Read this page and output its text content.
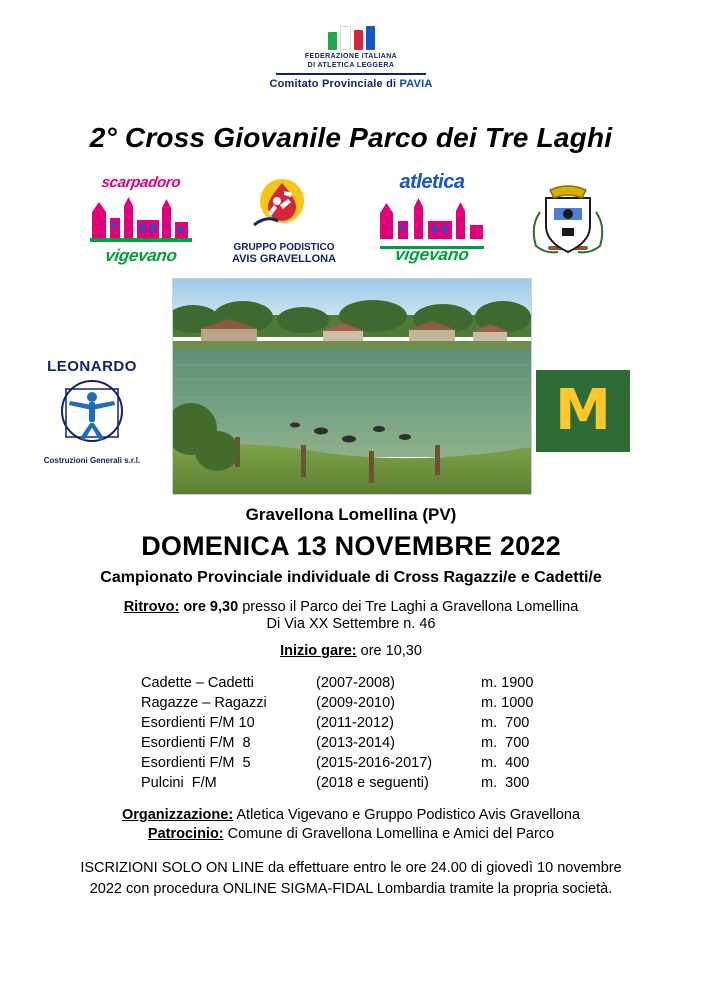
FEDERAZIONE ITALIANA
DI ATLETICA LEGGERA
Comitato Provinciale di PAVIA
2° Cross Giovanile Parco dei Tre Laghi
scarpadoro
vigevano	GRUPPO PODISTICO
AVIS GRAVELLONA
atletica
vigevano
LEONARDO
Costruzioni Generali s.r.l.
M
Gravellona Lomellina (PV)
DOMENICA 13 NOVEMBRE 2022
Campionato Provinciale individuale di Cross Ragazzi/e e Cadetti/e
Ritrovo: ore 9,30 presso il Parco dei Tre Laghi a Gravellona Lomellina
Di Via XX Settembre n. 46
Inizio gare: ore 10,30
Cadette – Cadetti	(2007-2008)	m. 1900
Ragazze – Ragazzi	(2009-2010)	m. 1000
Esordienti F/M 10	(2011-2012)	m.  700
Esordienti F/M  8	(2013-2014)	m.  700
Esordienti F/M  5	(2015-2016-2017)	m.  400
Pulcini  F/M	(2018 e seguenti)	m.  300
Organizzazione: Atletica Vigevano e Gruppo Podistico Avis Gravellona
Patrocinio: Comune di Gravellona Lomellina e Amici del Parco
ISCRIZIONI SOLO ON LINE da effettuare entro le ore 24.00 di giovedì 10 novembre 2022 con procedura ONLINE SIGMA-FIDAL Lombardia tramite la propria società.
